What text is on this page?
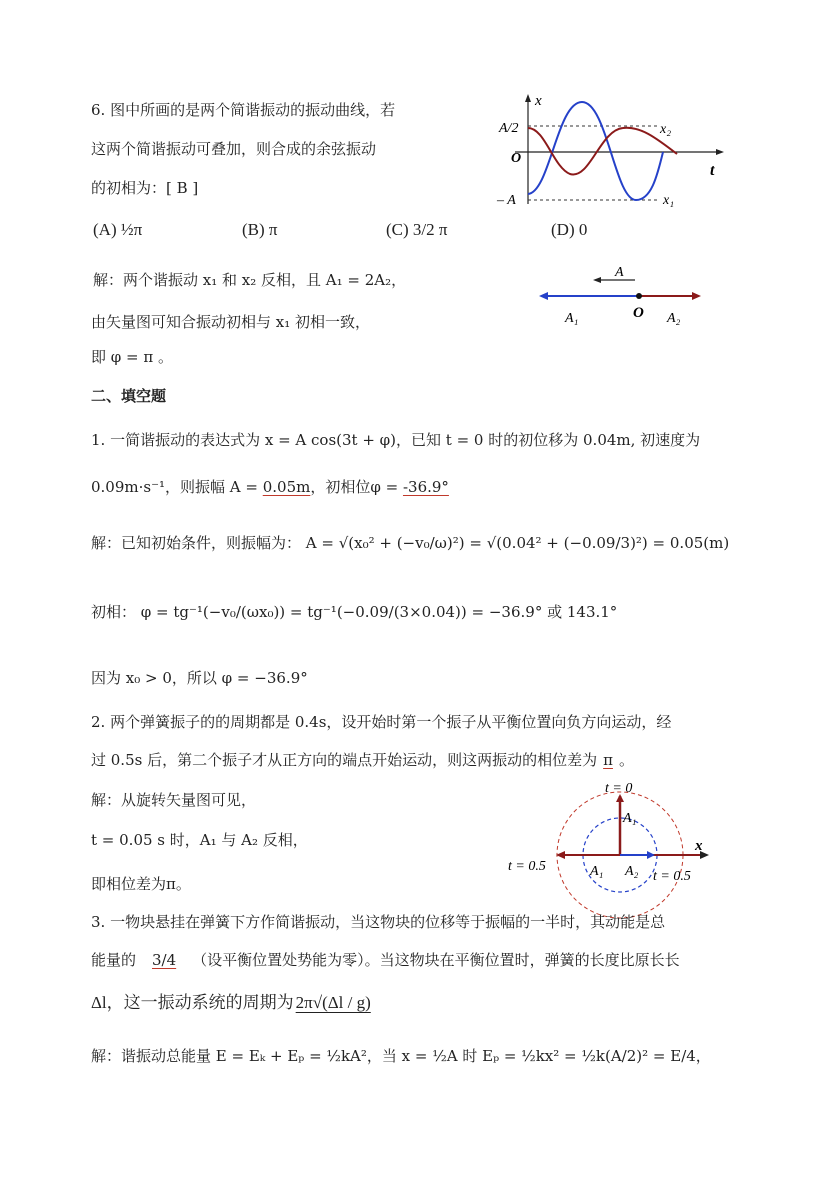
6. 图中所画的是两个简谐振动的振动曲线，若
这两个简谐振动可叠加，则合成的余弦振动
的初相为：[ B ]
(A) ½π	(B) π	(C) 3/2 π	(D) 0
解：两个谐振动 x₁ 和 x₂ 反相，且 A₁ = 2A₂，
由矢量图可知合振动初相与 x₁ 初相一致，
即 φ = π 。
x
t
O
A/2
– A
x₂
x₁
A
A₁	O A₂
二、填空题
1. 一简谐振动的表达式为 x = A cos(3t + φ)，已知 t = 0 时的初位移为 0.04m, 初速度为
0.09m·s⁻¹，则振幅 A = 0.05m，初相位φ = -36.9°
解：已知初始条件，则振幅为： A = √(x₀² + (−v₀/ω)²) = √(0.04² + (−0.09/3)²) = 0.05(m)
初相： φ = tg⁻¹(−v₀/(ωx₀)) = tg⁻¹(−0.09/(3×0.04)) = −36.9° 或 143.1°
因为 x₀ > 0，所以 φ = −36.9°
2. 两个弹簧振子的的周期都是 0.4s，设开始时第一个振子从平衡位置向负方向运动，经
过 0.5s 后，第二个振子才从正方向的端点开始运动，则这两振动的相位差为 π 。
解：从旋转矢量图可见，
t = 0.05 s 时，A₁ 与 A₂ 反相，
即相位差为π。
t = 0
A₁
x
t = 0.5	A₁ A₂ t = 0.5
3. 一物块悬挂在弹簧下方作简谐振动，当这物块的位移等于振幅的一半时，其动能是总
能量的 3/4 （设平衡位置处势能为零）。当这物块在平衡位置时，弹簧的长度比原长长
Δl，这一振动系统的周期为 2π√(Δl / g)
解：谐振动总能量 E = Eₖ + Eₚ = ½kA²，当 x = ½A 时 Eₚ = ½kx² = ½k(A/2)² = E/4，
